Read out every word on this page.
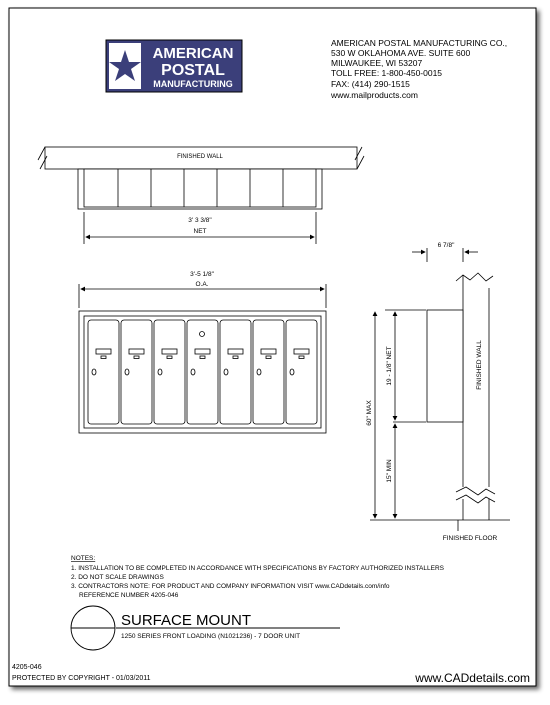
AMERICAN
POSTAL
MANUFACTURING
AMERICAN POSTAL MANUFACTURING CO.,
530 W OKLAHOMA AVE. SUITE 600
MILWAUKEE, WI 53207
TOLL FREE: 1-800-450-0015
FAX: (414) 290-1515
www.mailproducts.com
FINISHED WALL
3' 3 3/8"
NET
3'-5 1/8"
O.A.
6 7/8"
19 - 1/8" NET
60" MAX
15" MIN
FINISHED WALL
FINISHED FLOOR
NOTES:
1. INSTALLATION TO BE COMPLETED IN ACCORDANCE WITH SPECIFICATIONS BY FACTORY AUTHORIZED INSTALLERS
2. DO NOT SCALE DRAWINGS
3. CONTRACTORS NOTE: FOR PRODUCT AND COMPANY INFORMATION VISIT www.CADdetails.com/info
REFERENCE NUMBER 4205-046
SURFACE MOUNT
1250 SERIES FRONT LOADING (N1021236) - 7 DOOR UNIT
4205-046
PROTECTED BY COPYRIGHT - 01/03/2011	www.CADdetails.com
